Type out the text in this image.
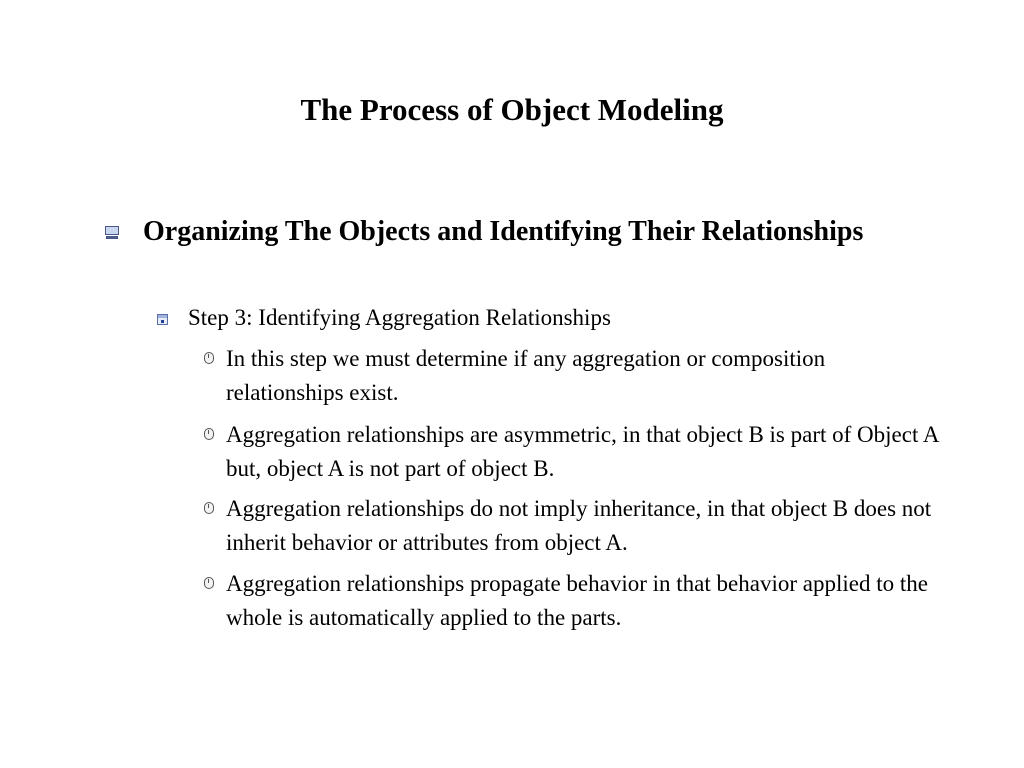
The Process of Object Modeling
Organizing The Objects and Identifying Their Relationships
Step 3: Identifying Aggregation Relationships
In this step we must determine if any aggregation or composition relationships exist.
Aggregation relationships are asymmetric, in that object B is part of Object A but, object A is not part of object B.
Aggregation relationships do not imply inheritance, in that object B does not inherit behavior or attributes from object A.
Aggregation relationships propagate behavior in that behavior applied to the whole is automatically applied to the parts.
